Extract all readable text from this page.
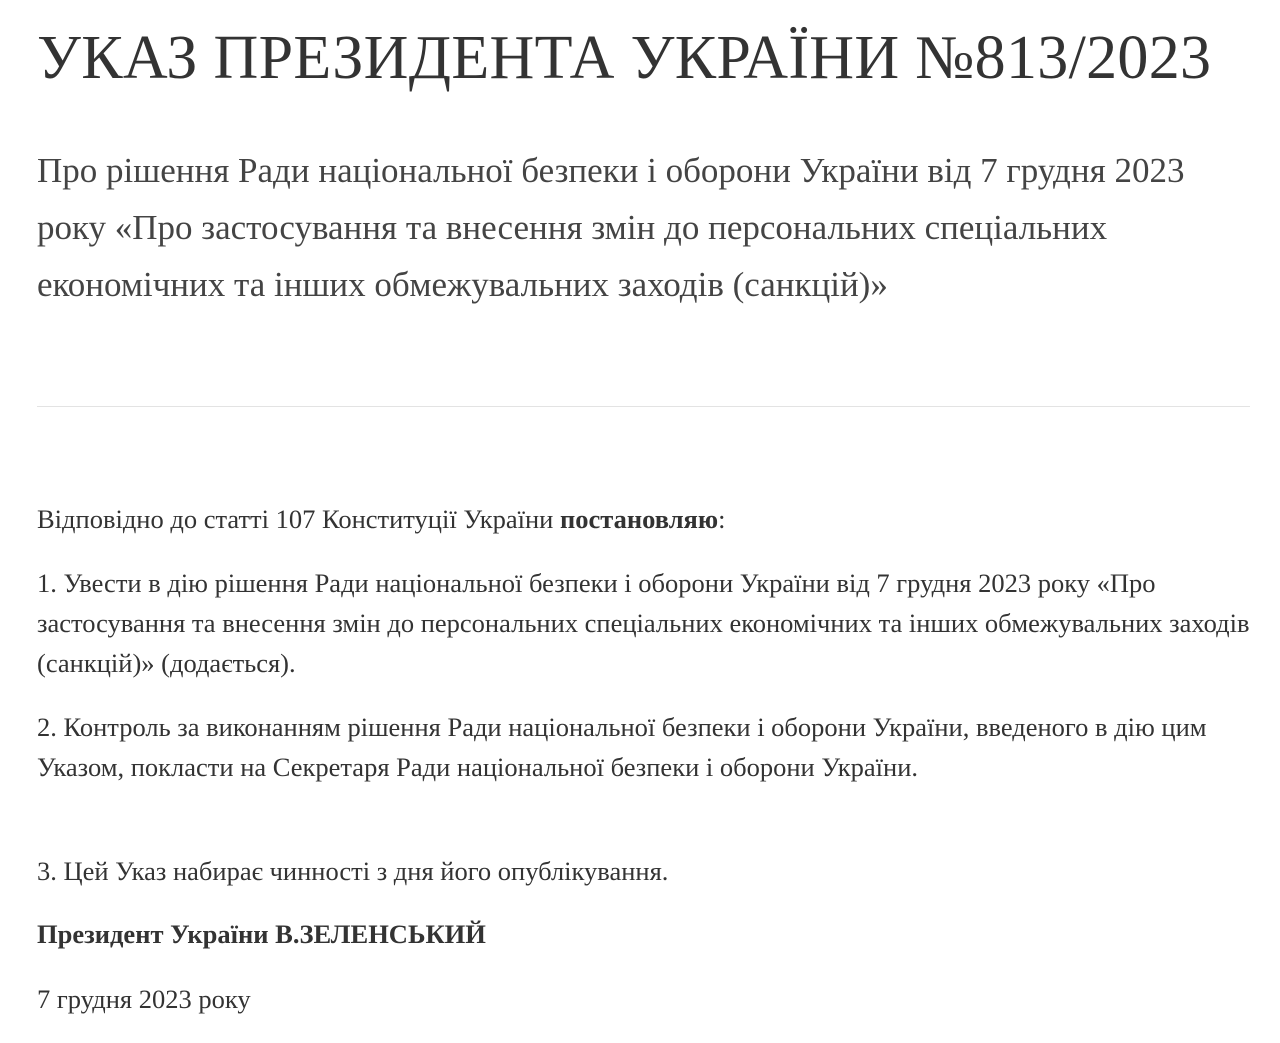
УКАЗ ПРЕЗИДЕНТА УКРАЇНИ №813/2023
Про рішення Ради національної безпеки і оборони України від 7 грудня 2023 року «Про застосування та внесення змін до персональних спеціальних економічних та інших обмежувальних заходів (санкцій)»

Відповідно до статті 107 Конституції України постановляю:

1. Увести в дію рішення Ради національної безпеки і оборони України від 7 грудня 2023 року «Про застосування та внесення змін до персональних спеціальних економічних та інших обмежувальних заходів (санкцій)» (додається).

2. Контроль за виконанням рішення Ради національної безпеки і оборони України, введеного в дію цим Указом, покласти на Секретаря Ради національної безпеки і оборони України.

3. Цей Указ набирає чинності з дня його опублікування.

Президент України В.ЗЕЛЕНСЬКИЙ

7 грудня 2023 року
